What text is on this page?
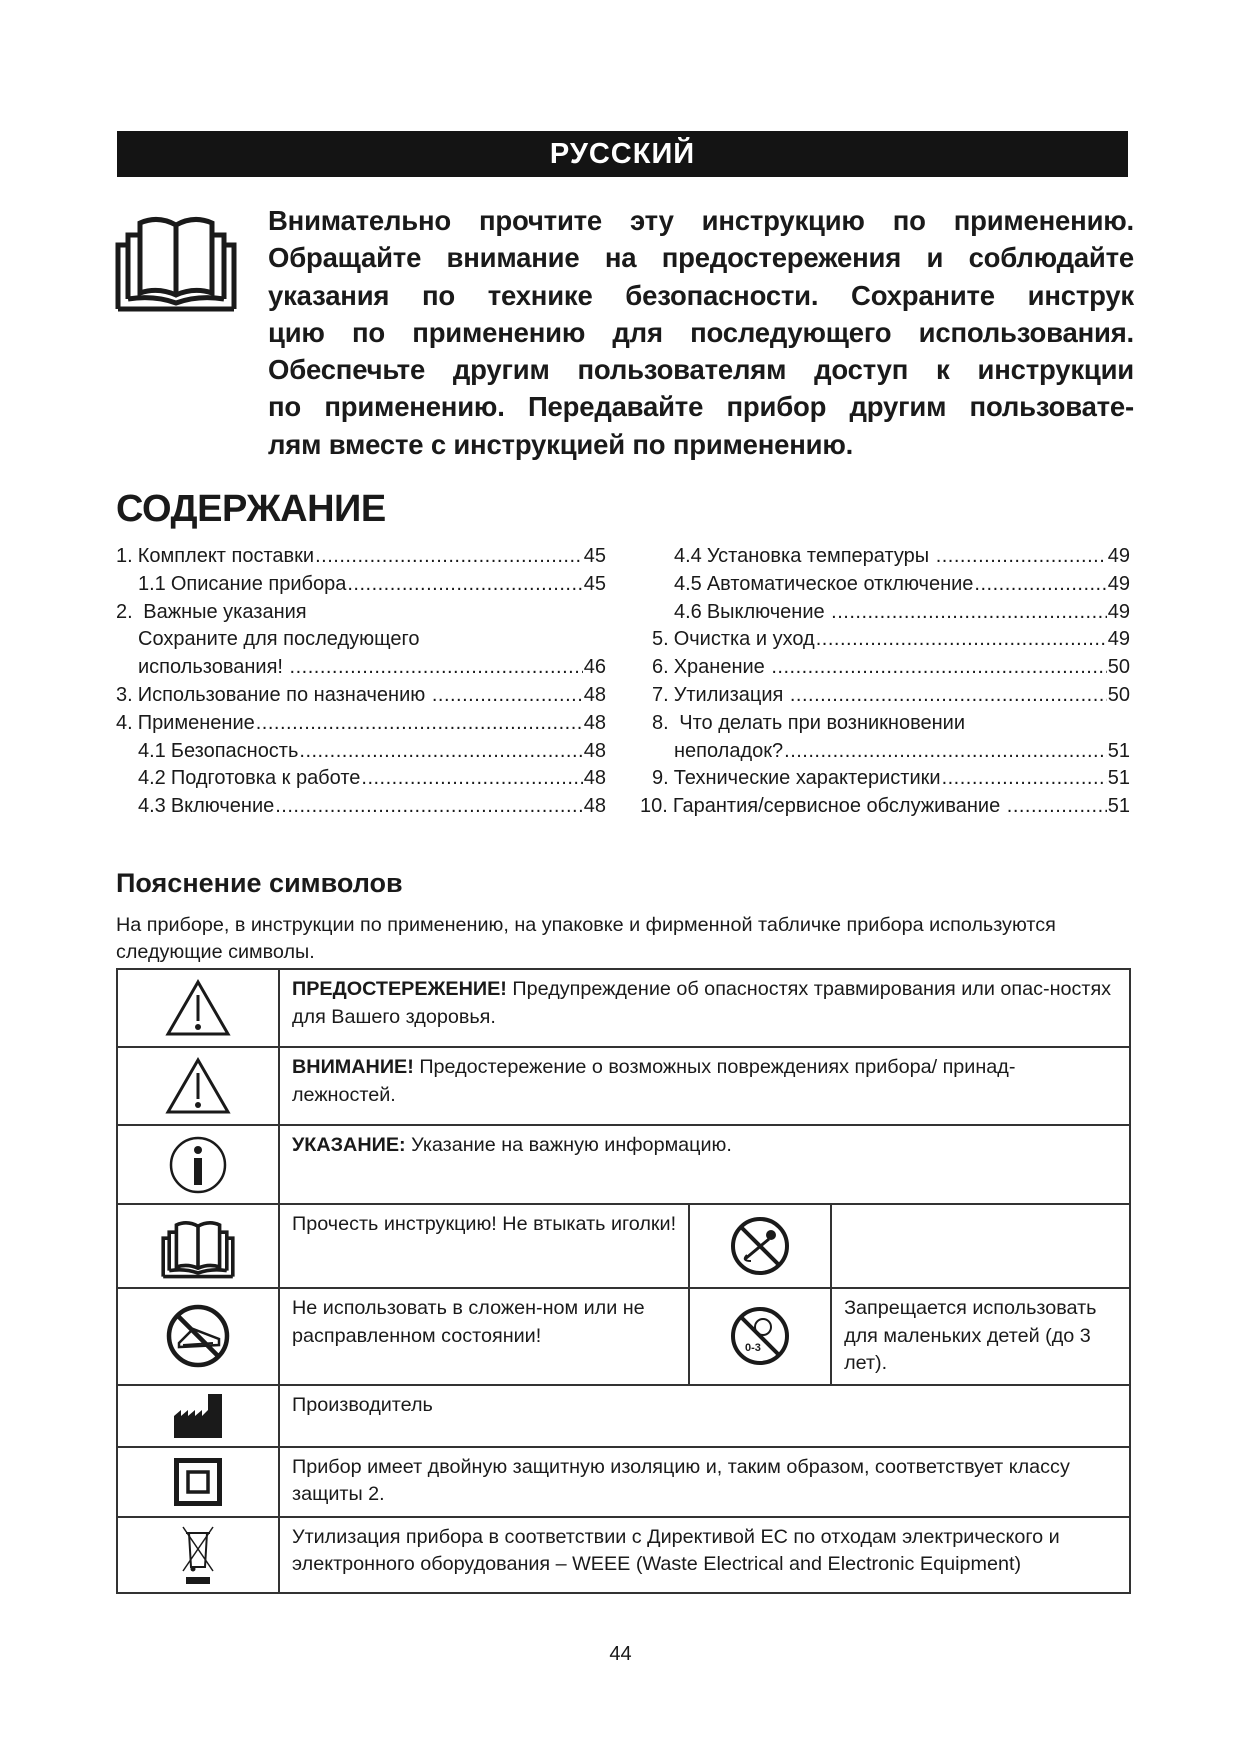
РУССКИЙ
Внимательно прочтите эту инструкцию по применению.
Обращайте внимание на предостережения и соблюдайте
указания по технике безопасности. Сохраните инструк
цию по применению для последующего использования.
Обеспечьте другим пользователям доступ к инструкции
по применению. Передавайте прибор другим пользовате-
лям вместе с инструкцией по применению.
СОДЕРЖАНИЕ
1. Комплект поставки .....	45
1.1 Описание прибора .....	45
2. Важные указания
Сохраните для последующего
использования! .....	46
3. Использование по назначению .....	48
4. Применение .....	48
4.1 Безопасность .....	48
4.2 Подготовка к работе .....	48
4.3 Включение .....	48
4.4 Установка температуры .....	49
4.5 Автоматическое отключение .....	49
4.6 Выключение .....	49
5. Очистка и уход .....	49
6. Хранение .....	50
7. Утилизация .....	50
8. Что делать при возникновении
неполадок? .....	51
9. Технические характеристики .....	51
10. Гарантия/сервисное обслуживание .....	51
Пояснение символов
На приборе, в инструкции по применению, на упаковке и фирменной табличке прибора используются следующие символы.
	ПРЕДОСТЕРЕЖЕНИЕ! Предупреждение об опасностях травмирования или опас-ностях для Вашего здоровья.		
	ВНИМАНИЕ! Предостережение о возможных повреждениях прибора/ принад-лежностей.		
	УКАЗАНИЕ: Указание на важную информацию.		
	Прочесть инструкцию! Не втыкать иголки!		
	Не использовать в сложен-ном или не расправленном состоянии!	0-3	Запрещается использовать для маленьких детей (до 3 лет).
	Производитель		
	Прибор имеет двойную защитную изоляцию и, таким образом, соответствует классу защиты 2.		
	Утилизация прибора в соответствии с Директивой ЕС по отходам электрического и электронного оборудования – WEEE (Waste Electrical and Electronic Equipment)		
44
